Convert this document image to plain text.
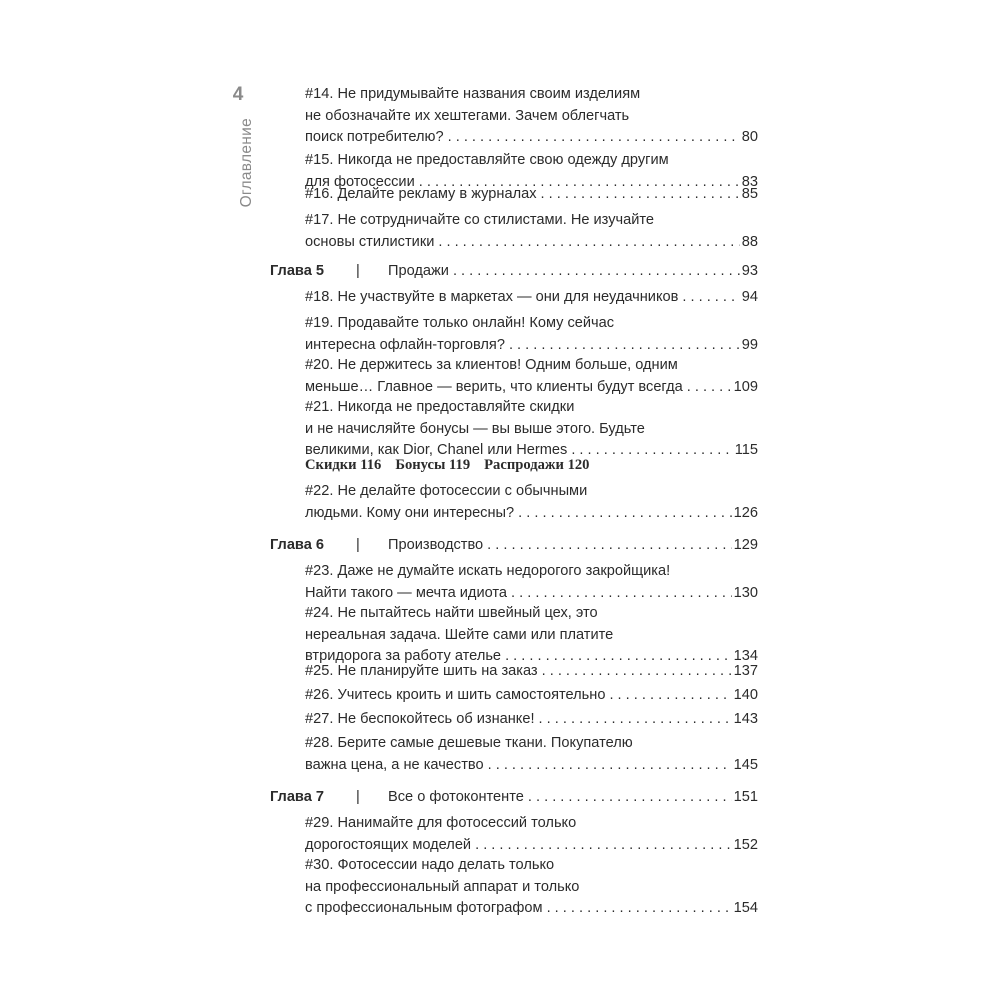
4
Оглавление
#14. Не придумывайте названия своим изделиям
не обозначайте их хештегами. Зачем облегчать
поиск потребителю? . . .	80
#15. Никогда не предоставляйте свою одежду другим
для фотосессии . . .	83
#16. Делайте рекламу в журналах . . .	85
#17. Не сотрудничайте со стилистами. Не изучайте
основы стилистики . . .	88
Глава 5	|	Продажи . . .	93
#18. Не участвуйте в маркетах — они для неудачников . . .	94
#19. Продавайте только онлайн! Кому сейчас
интересна офлайн-торговля? . . .	99
#20. Не держитесь за клиентов! Одним больше, одним
меньше… Главное — верить, что клиенты будут всегда . . .	109
#21. Никогда не предоставляйте скидки
и не начисляйте бонусы — вы выше этого. Будьте
великими, как Dior, Chanel или Hermes . . .	115
Скидки 116 Бонусы 119 Распродажи 120
#22. Не делайте фотосессии с обычными
людьми. Кому они интересны? . . .	126
Глава 6	|	Производство . . .	129
#23. Даже не думайте искать недорогого закройщика!
Найти такого — мечта идиота . . .	130
#24. Не пытайтесь найти швейный цех, это
нереальная задача. Шейте сами или платите
втридорога за работу ателье . . .	134
#25. Не планируйте шить на заказ . . .	137
#26. Учитесь кроить и шить самостоятельно . . .	140
#27. Не беспокойтесь об изнанке! . . .	143
#28. Берите самые дешевые ткани. Покупателю
важна цена, а не качество . . .	145
Глава 7	|	Все о фотоконтенте . . .	151
#29. Нанимайте для фотосессий только
дорогостоящих моделей . . .	152
#30. Фотосессии надо делать только
на профессиональный аппарат и только
с профессиональным фотографом . . .	154
